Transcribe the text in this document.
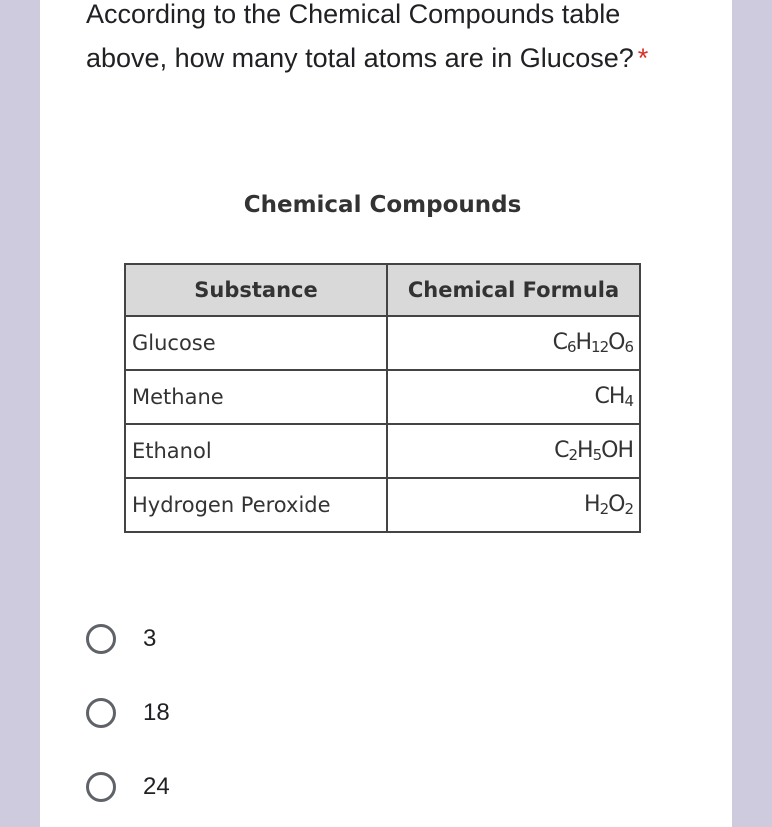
According to the Chemical Compounds table above, how many total atoms are in Glucose? *
Chemical Compounds
Substance	Chemical Formula
Glucose	$C_6H_{12}O_6$
Methane	$CH_4$
Ethanol	$C_2H_5OH$
Hydrogen Peroxide	$H_2O_2$
3
18
24
